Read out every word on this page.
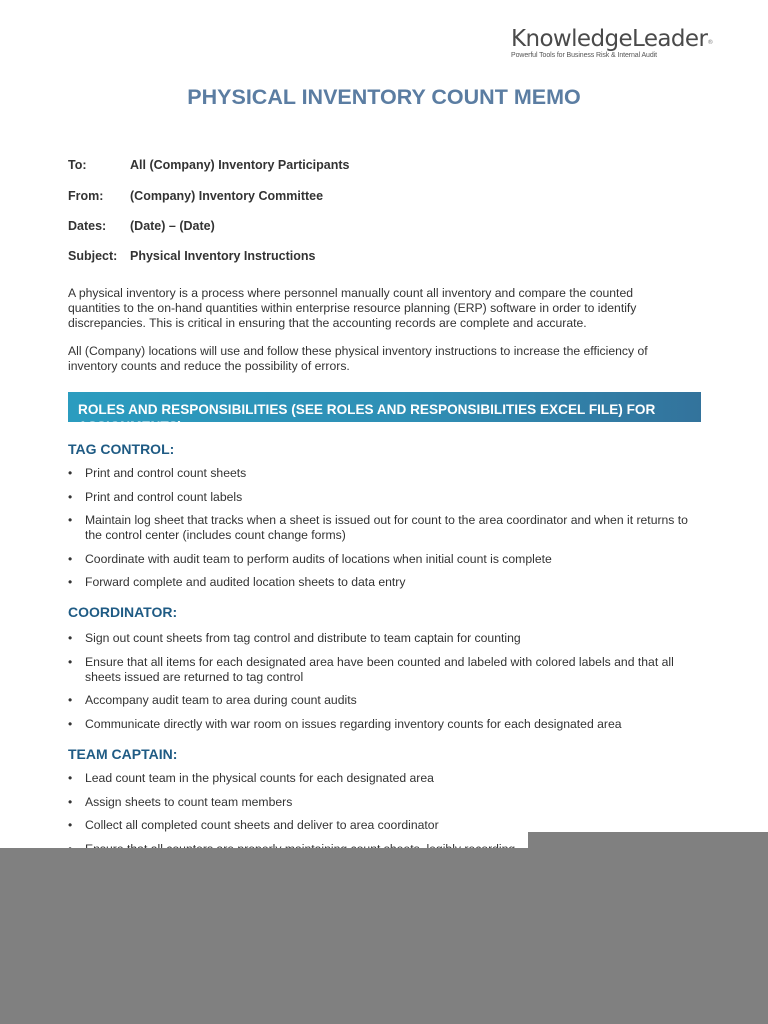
KnowledgeLeader®
Powerful Tools for Business Risk & Internal Audit
PHYSICAL INVENTORY COUNT MEMO
To:	All (Company) Inventory Participants
From: (Company) Inventory Committee
Dates: (Date) – (Date)
Subject: Physical Inventory Instructions

A physical inventory is a process where personnel manually count all inventory and compare the counted quantities to the on-hand quantities within enterprise resource planning (ERP) software in order to identify discrepancies. This is critical in ensuring that the accounting records are complete and accurate.

All (Company) locations will use and follow these physical inventory instructions to increase the efficiency of inventory counts and reduce the possibility of errors.

ROLES AND RESPONSIBILITIES (SEE ROLES AND RESPONSIBILITIES EXCEL FILE) FOR ASSIGNMENTS)
TAG CONTROL:
• Print and control count sheets
• Print and control count labels
• Maintain log sheet that tracks when a sheet is issued out for count to the area coordinator and when it returns to the control center (includes count change forms)
• Coordinate with audit team to perform audits of locations when initial count is complete
• Forward complete and audited location sheets to data entry
COORDINATOR:
• Sign out count sheets from tag control and distribute to team captain for counting
• Ensure that all items for each designated area have been counted and labeled with colored labels and that all sheets issued are returned to tag control
• Accompany audit team to area during count audits
• Communicate directly with war room on issues regarding inventory counts for each designated area
TEAM CAPTAIN:
• Lead count team in the physical counts for each designated area
• Assign sheets to count team members
• Collect all completed count sheets and deliver to area coordinator
•
